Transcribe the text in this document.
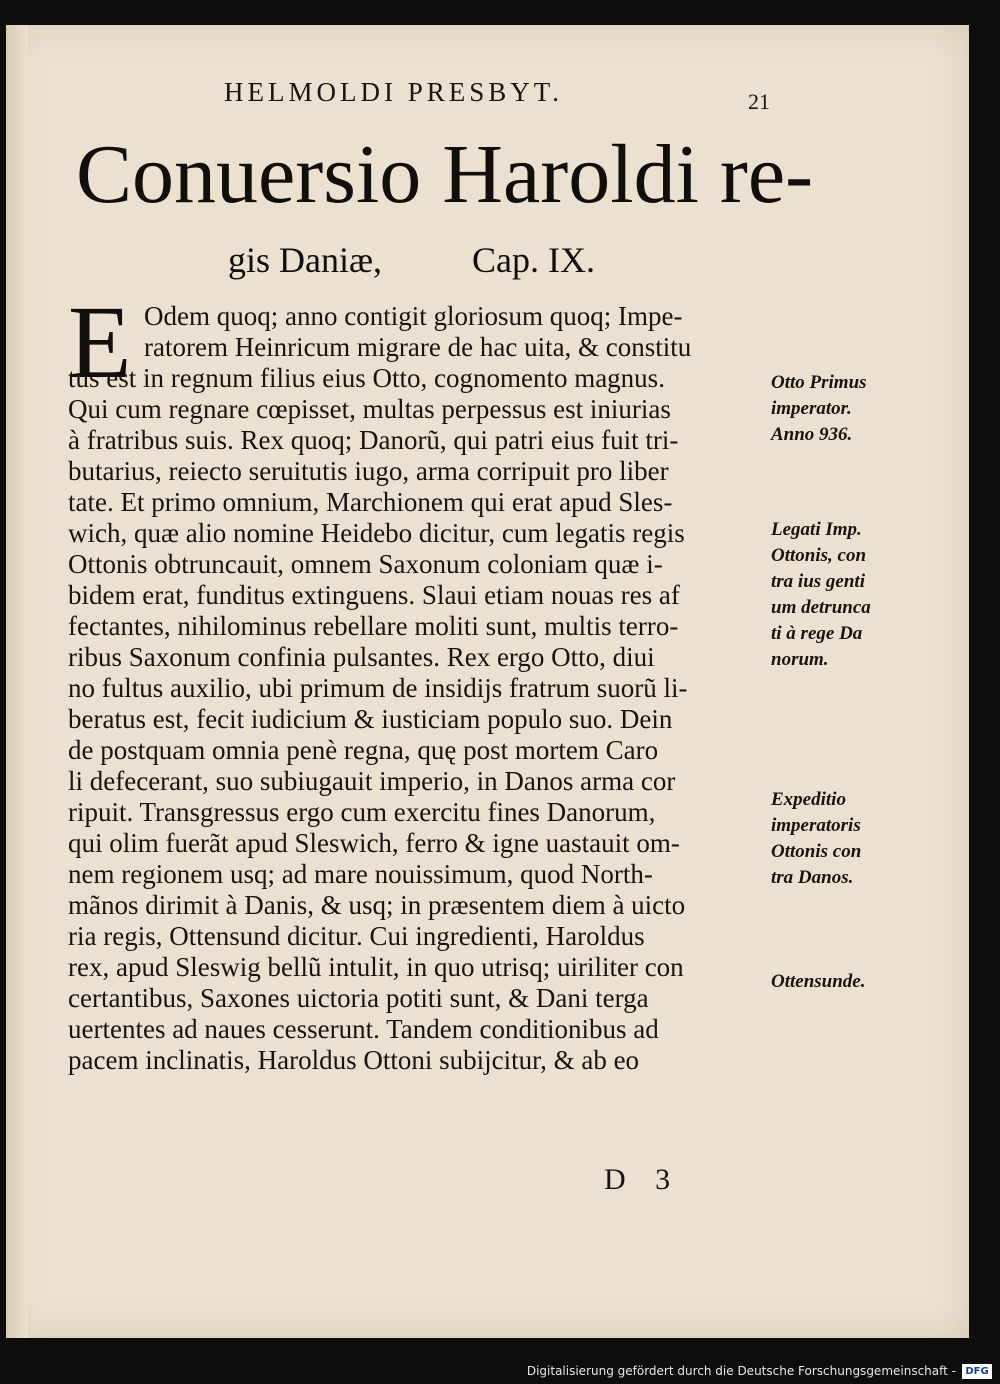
HELMOLDI PRESBYT.	21
Conuersio Haroldi re-
gis Daniæ, Cap. IX.
E Odem quoq; anno contigit gloriosum quoq; Impe-
ratorem Heinricum migrare de hac uita, & constitu
tus est in regnum filius eius Otto, cognomento magnus.
Qui cum regnare cœpisset, multas perpessus est iniurias
à fratribus suis. Rex quoq; Danorũ, qui patri eius fuit tri-
butarius, reiecto seruitutis iugo, arma corripuit pro liber
tate. Et primo omnium, Marchionem qui erat apud Sles-
wich, quæ alio nomine Heidebo dicitur, cum legatis regis
Ottonis obtruncauit, omnem Saxonum coloniam quæ i-
bidem erat, funditus extinguens. Slaui etiam nouas res af
fectantes, nihilominus rebellare moliti sunt, multis terro-
ribus Saxonum confinia pulsantes. Rex ergo Otto, diui
no fultus auxilio, ubi primum de insidijs fratrum suorũ li-
beratus est, fecit iudicium & iusticiam populo suo. Dein
de postquam omnia penè regna, quę post mortem Caro
li defecerant, suo subiugauit imperio, in Danos arma cor
ripuit. Transgressus ergo cum exercitu fines Danorum,
qui olim fuerãt apud Sleswich, ferro & igne uastauit om-
nem regionem usq; ad mare nouissimum, quod North-
mãnos dirimit à Danis, & usq; in præsentem diem à uicto
ria regis, Ottensund dicitur. Cui ingredienti, Haroldus
rex, apud Sleswig bellũ intulit, in quo utrisq; uiriliter con
certantibus, Saxones uictoria potiti sunt, & Dani terga
uertentes ad naues cesserunt. Tandem conditionibus ad
pacem inclinatis, Haroldus Ottoni subijcitur, & ab eo
Otto Primus
imperator.
Anno 936.
Legati Imp.
Ottonis, con
tra ius genti
um detrunca
ti à rege Da
norum.
Expeditio
imperatoris
Ottonis con
tra Danos.
Ottensunde.
D 3
Digitalisierung gefördert durch die Deutsche Forschungsgemeinschaft - DFG
